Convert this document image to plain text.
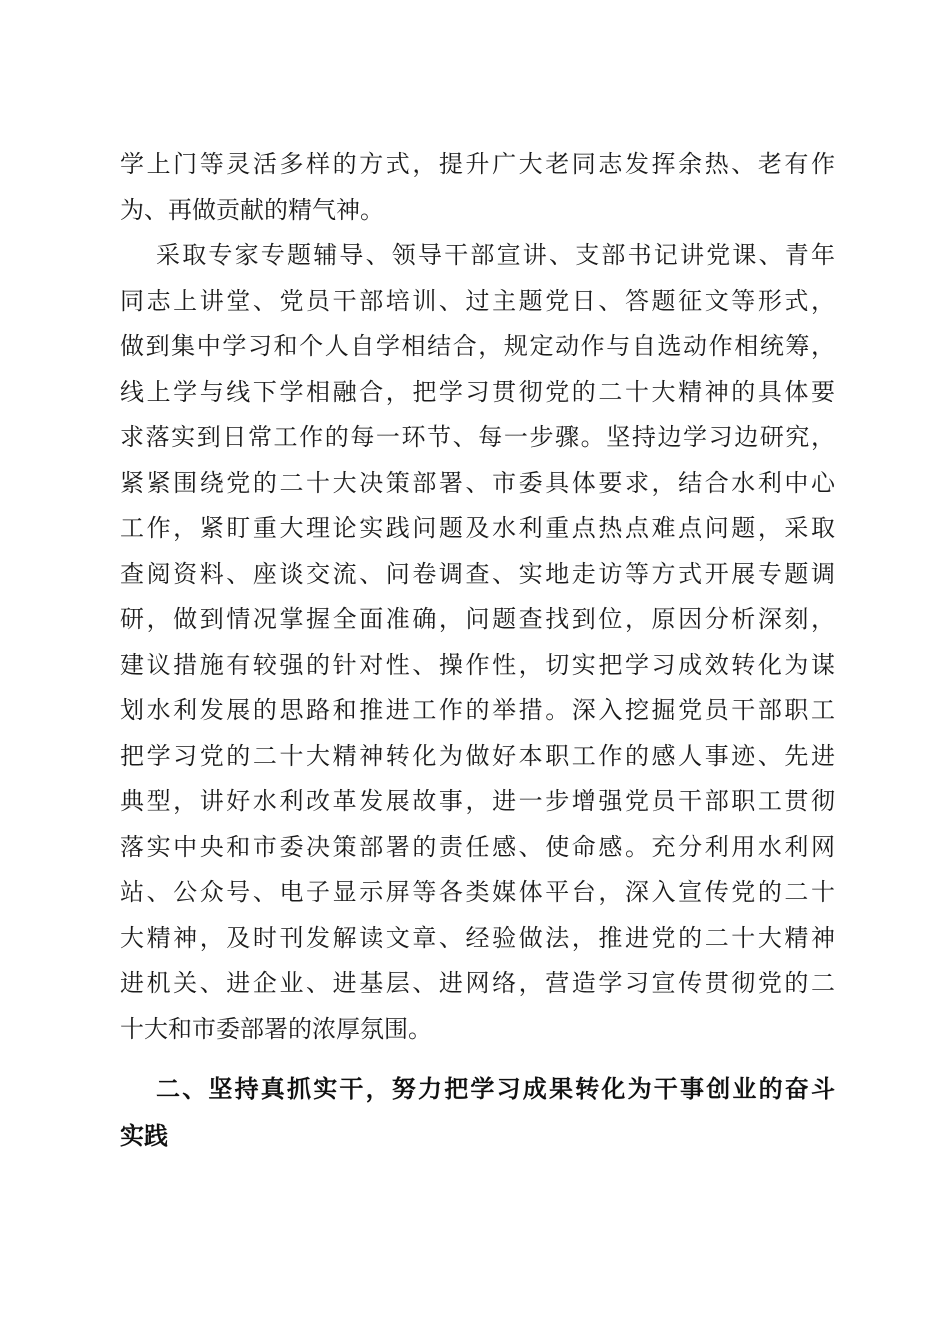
学上门等灵活多样的方式，提升广大老同志发挥余热、老有作
为、再做贡献的精气神。
采取专家专题辅导、领导干部宣讲、支部书记讲党课、青年
同志上讲堂、党员干部培训、过主题党日、答题征文等形式，
做到集中学习和个人自学相结合，规定动作与自选动作相统筹，
线上学与线下学相融合，把学习贯彻党的二十大精神的具体要
求落实到日常工作的每一环节、每一步骤。坚持边学习边研究，
紧紧围绕党的二十大决策部署、市委具体要求，结合水利中心
工作，紧盯重大理论实践问题及水利重点热点难点问题，采取
查阅资料、座谈交流、问卷调查、实地走访等方式开展专题调
研，做到情况掌握全面准确，问题查找到位，原因分析深刻，
建议措施有较强的针对性、操作性，切实把学习成效转化为谋
划水利发展的思路和推进工作的举措。深入挖掘党员干部职工
把学习党的二十大精神转化为做好本职工作的感人事迹、先进
典型，讲好水利改革发展故事，进一步增强党员干部职工贯彻
落实中央和市委决策部署的责任感、使命感。充分利用水利网
站、公众号、电子显示屏等各类媒体平台，深入宣传党的二十
大精神，及时刊发解读文章、经验做法，推进党的二十大精神
进机关、进企业、进基层、进网络，营造学习宣传贯彻党的二
十大和市委部署的浓厚氛围。
二、坚持真抓实干，努力把学习成果转化为干事创业的奋斗
实践
